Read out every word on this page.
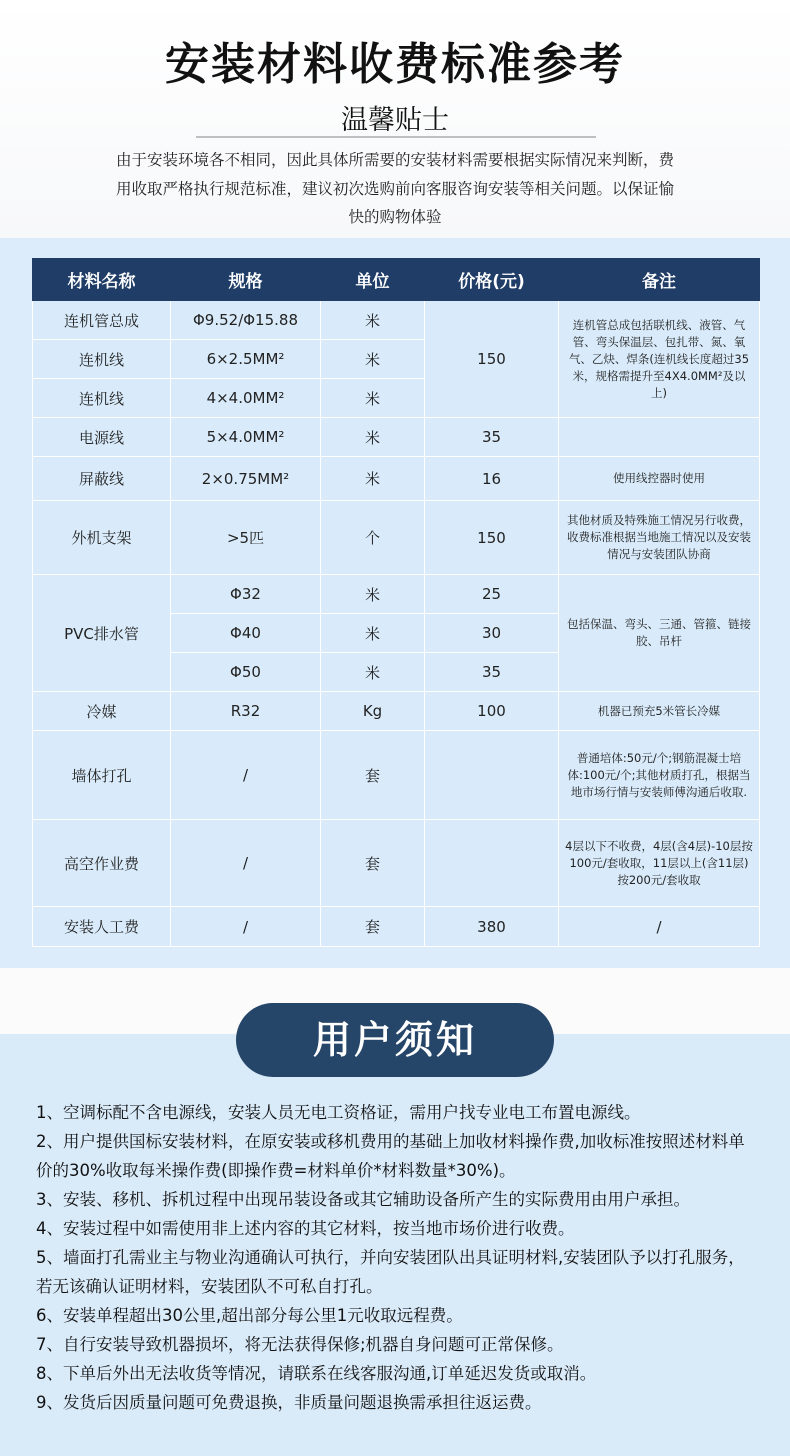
安装材料收费标准参考
温馨贴士
由于安装环境各不相同，因此具体所需要的安装材料需要根据实际情况来判断，费用收取严格执行规范标准，建议初次选购前向客服咨询安装等相关问题。以保证愉快的购物体验
材料名称	规格	单位	价格(元)	备注
连机管总成	Φ9.52/Φ15.88	米	150	连机管总成包括联机线、液管、气管、弯头保温层、包扎带、氮、氧气、乙炔、焊条(连机线长度超过35米，规格需提升至4X4.0MM²及以上)
连机线	6×2.5MM²	米		
连机线	4×4.0MM²	米		
电源线	5×4.0MM²	米	35	
屏蔽线	2×0.75MM²	米	16	使用线控器时使用
外机支架	>5匹	个	150	其他材质及特殊施工情况另行收费，收费标准根据当地施工情况以及安装情况与安装团队协商
PVC排水管	Φ32	米	25	包括保温、弯头、三通、管箍、链接胶、吊杆
	Φ40	米	30	
	Φ50	米	35	
冷媒	R32	Kg	100	机器已预充5米管长冷媒
墙体打孔	/	套		普通培体:50元/个;钢筋混凝士培体:100元/个;其他材质打孔，根据当地市场行情与安装师傅沟通后收取.
高空作业费	/	套		4层以下不收费，4层(含4层)-10层按100元/套收取，11层以上(含11层)按200元/套收取
安装人工费	/	套	380	/
用户须知

1、空调标配不含电源线，安装人员无电工资格证，需用户找专业电工布置电源线。

2、用户提供国标安装材料，在原安装或移机费用的基础上加收材料操作费,加收标准按照述材料单价的30%收取每米操作费(即操作费=材料单价*材料数量*30%)。

3、安装、移机、拆机过程中出现吊装设备或其它辅助设备所产生的实际费用由用户承担。

4、安装过程中如需使用非上述内容的其它材料，按当地市场价进行收费。

5、墙面打孔需业主与物业沟通确认可执行，并向安装团队出具证明材料,安装团队予以打孔服务，若无该确认证明材料，安装团队不可私自打孔。

6、安装单程超出30公里,超出部分每公里1元收取远程费。

7、自行安装导致机器损坏，将无法获得保修;机器自身问题可正常保修。

8、下单后外出无法收货等情况，请联系在线客服沟通,订单延迟发货或取消。

9、发货后因质量问题可免费退换，非质量问题退换需承担往返运费。
